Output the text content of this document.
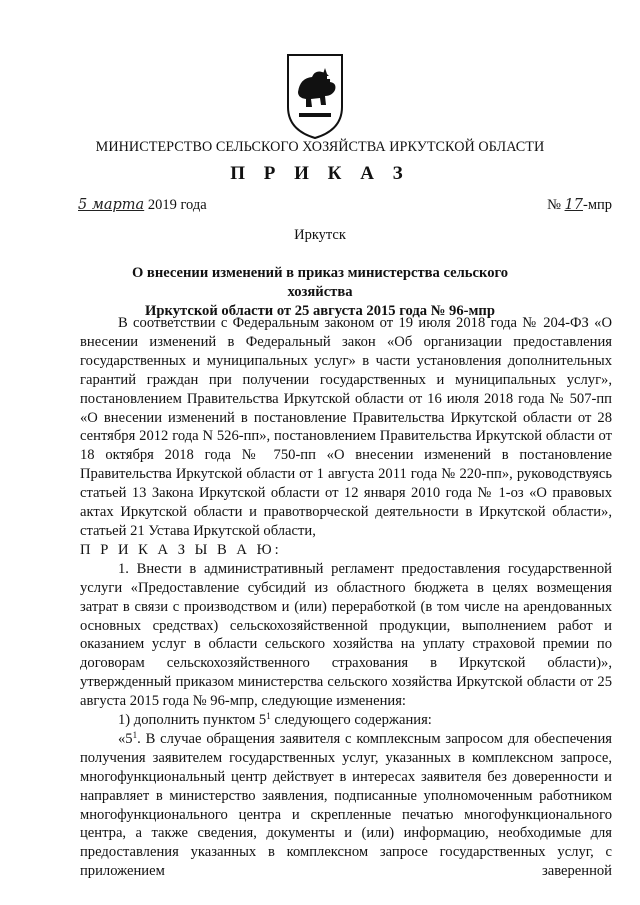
МИНИСТЕРСТВО СЕЛЬСКОГО ХОЗЯЙСТВА ИРКУТСКОЙ ОБЛАСТИ
П Р И К А З
5 марта 2019 года	№ 17-мпр
Иркутск
О внесении изменений в приказ министерства сельского хозяйства
Иркутской области от 25 августа 2015 года № 96-мпр

В соответствии с Федеральным законом от 19 июля 2018 года № 204-ФЗ «О внесении изменений в Федеральный закон «Об организации предоставления государственных и муниципальных услуг» в части установления дополнительных гарантий граждан при получении государственных и муниципальных услуг», постановлением Правительства Иркутской области от 16 июля 2018 года № 507-пп «О внесении изменений в постановление Правительства Иркутской области от 28 сентября 2012 года N 526-пп», постановлением Правительства Иркутской области от 18 октября 2018 года № 750-пп «О внесении изменений в постановление Правительства Иркутской области от 1 августа 2011 года № 220-пп», руководствуясь статьей 13 Закона Иркутской области от 12 января 2010 года № 1-оз «О правовых актах Иркутской области и правотворческой деятельности в Иркутской области», статьей 21 Устава Иркутской области,

П Р И К А З Ы В А Ю:

1. Внести в административный регламент предоставления государственной услуги «Предоставление субсидий из областного бюджета в целях возмещения затрат в связи с производством и (или) переработкой (в том числе на арендованных основных средствах) сельскохозяйственной продукции, выполнением работ и оказанием услуг в области сельского хозяйства на уплату страховой премии по договорам сельскохозяйственного страхования в Иркутской области)», утвержденный приказом министерства сельского хозяйства Иркутской области от 25 августа 2015 года № 96-мпр, следующие изменения:

1) дополнить пунктом $5^1$ следующего содержания:

«$5^1$. В случае обращения заявителя с комплексным запросом для обеспечения получения заявителем государственных услуг, указанных в комплексном запросе, многофункциональный центр действует в интересах заявителя без доверенности и направляет в министерство заявления, подписанные уполномоченным работником многофункционального центра и скрепленные печатью многофункционального центра, а также сведения, документы и (или) информацию, необходимые для предоставления указанных в комплексном запросе государственных услуг, с приложением заверенной
